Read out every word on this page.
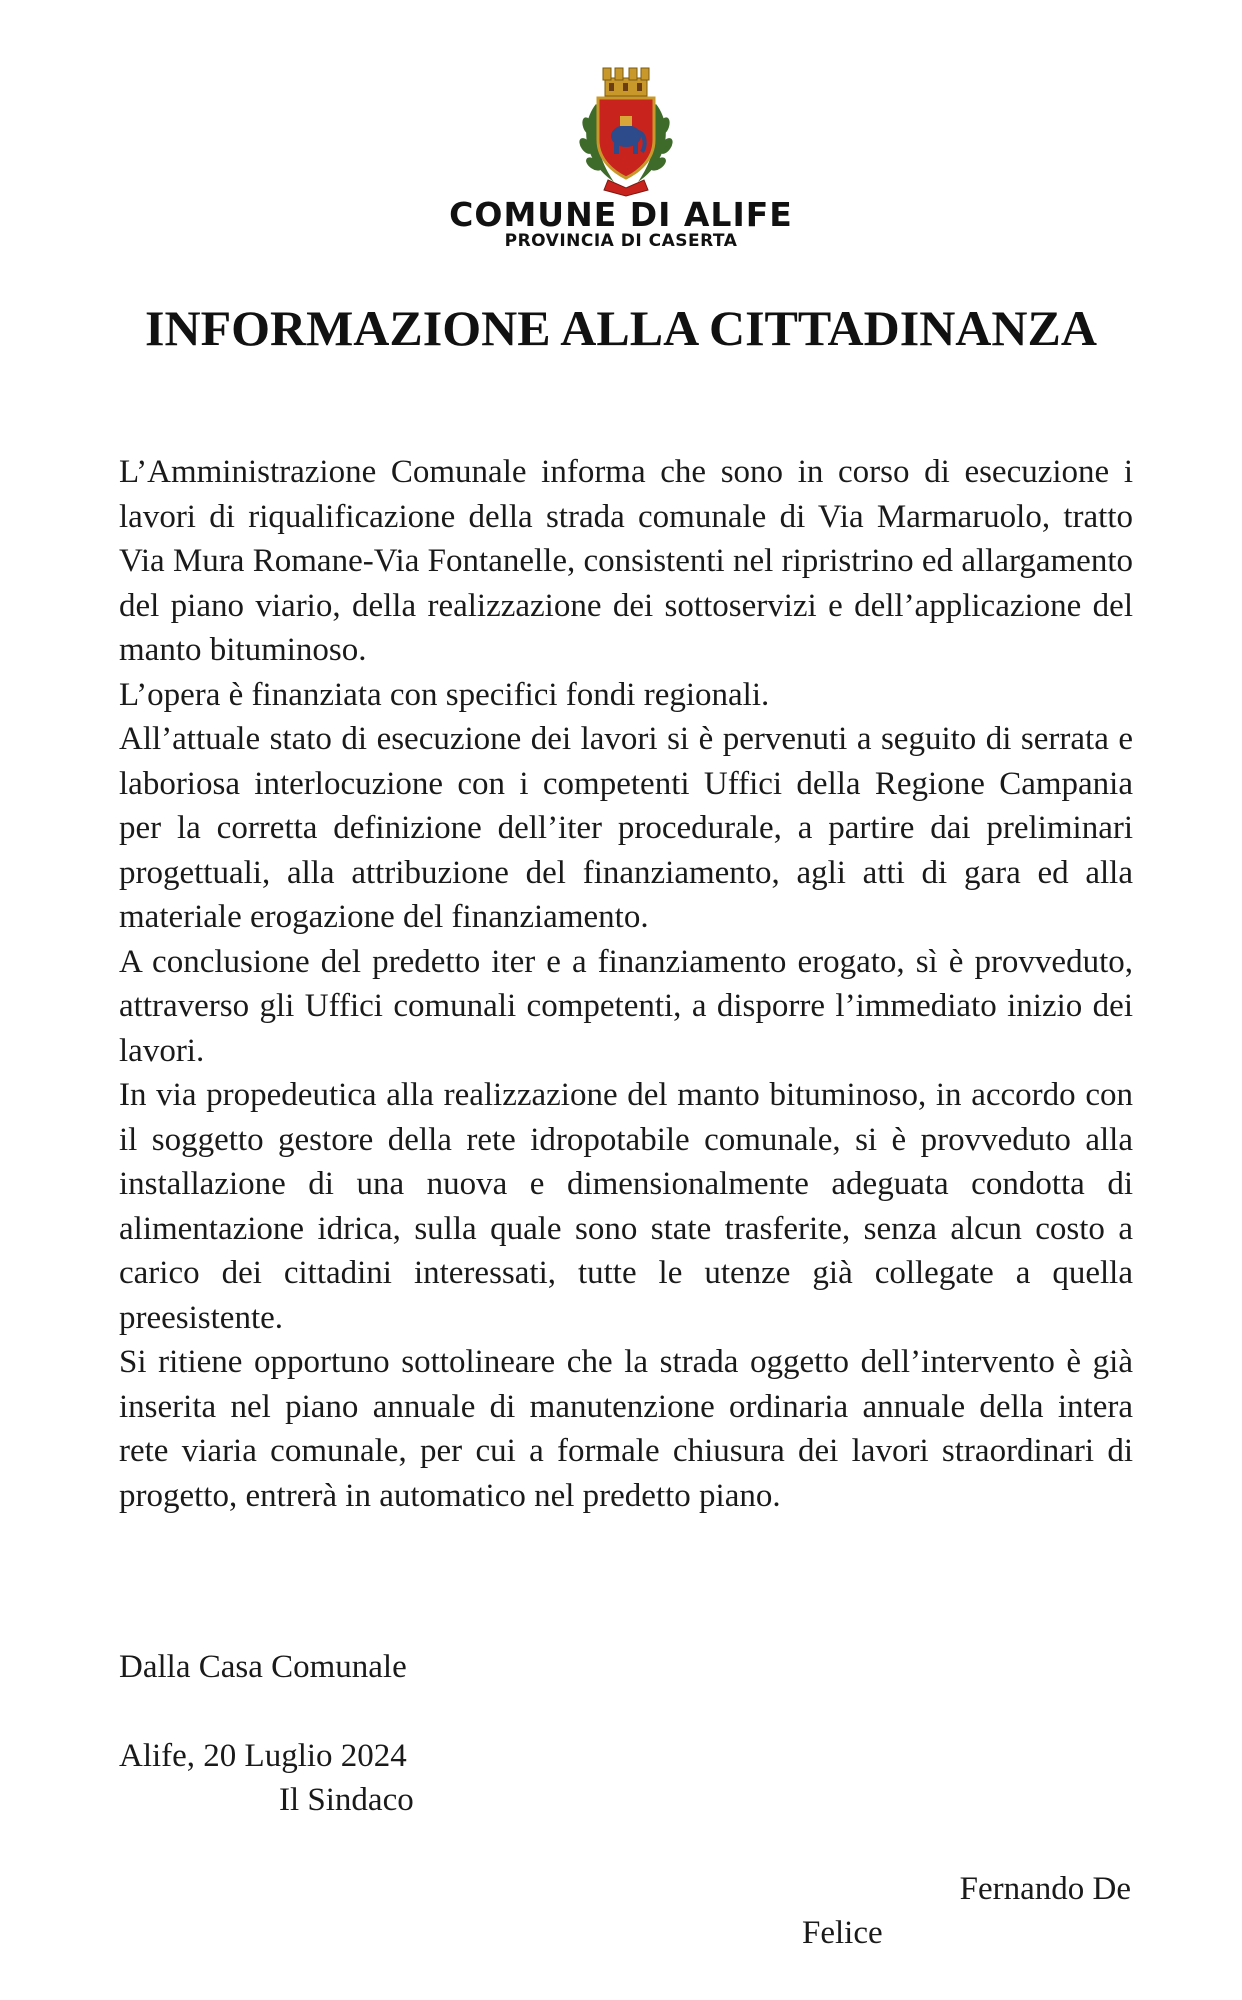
COMUNE DI ALIFE
PROVINCIA DI CASERTA
INFORMAZIONE ALLA CITTADINANZA

L’Amministrazione Comunale informa che sono in corso di esecuzione i lavori di riqualificazione della strada comunale di Via Marmaruolo, tratto Via Mura Romane-Via Fontanelle, consistenti nel ripristrino ed allargamento del piano viario, della realizzazione dei sottoservizi e dell’applicazione del manto bituminoso.

L’opera è finanziata con specifici fondi regionali.

All’attuale stato di esecuzione dei lavori si è pervenuti a seguito di serrata e laboriosa interlocuzione con i competenti Uffici della Regione Campania per la corretta definizione dell’iter procedurale, a partire dai preliminari progettuali, alla attribuzione del finanziamento, agli atti di gara ed alla materiale erogazione del finanziamento.

A conclusione del predetto iter e a finanziamento erogato, sì è provveduto, attraverso gli Uffici comunali competenti, a disporre l’immediato inizio dei lavori.

In via propedeutica alla realizzazione del manto bituminoso, in accordo con il soggetto gestore della rete idropotabile comunale, si è provveduto alla installazione di una nuova e dimensionalmente adeguata condotta di alimentazione idrica, sulla quale sono state trasferite, senza alcun costo a carico dei cittadini interessati, tutte le utenze già collegate a quella preesistente.

Si ritiene opportuno sottolineare che la strada oggetto dell’intervento è già inserita nel piano annuale di manutenzione ordinaria annuale della intera rete viaria comunale, per cui a formale chiusura dei lavori straordinari di progetto, entrerà in automatico nel predetto piano.

Dalla Casa Comunale
Alife, 20 Luglio 2024
Il Sindaco
Fernando De
Felice
